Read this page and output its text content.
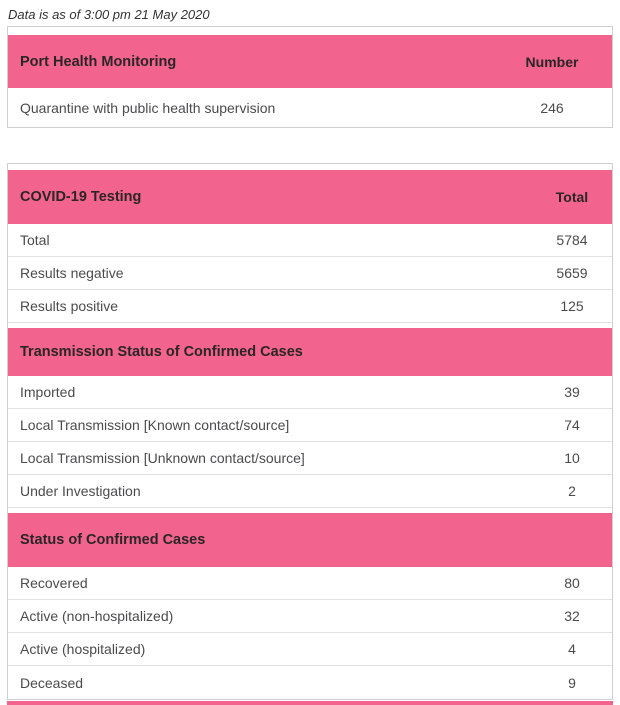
Data is as of 3:00 pm 21 May 2020

Port Health Monitoring	Number
Quarantine with public health supervision	246
COVID-19 Testing	Total
Total	5784
Results negative	5659
Results positive	125
Transmission Status of Confirmed Cases
Imported	39
Local Transmission [Known contact/source]	74
Local Transmission [Unknown contact/source]	10
Under Investigation	2
Status of Confirmed Cases
Recovered	80
Active (non-hospitalized)	32
Active (hospitalized)	4
Deceased	9
